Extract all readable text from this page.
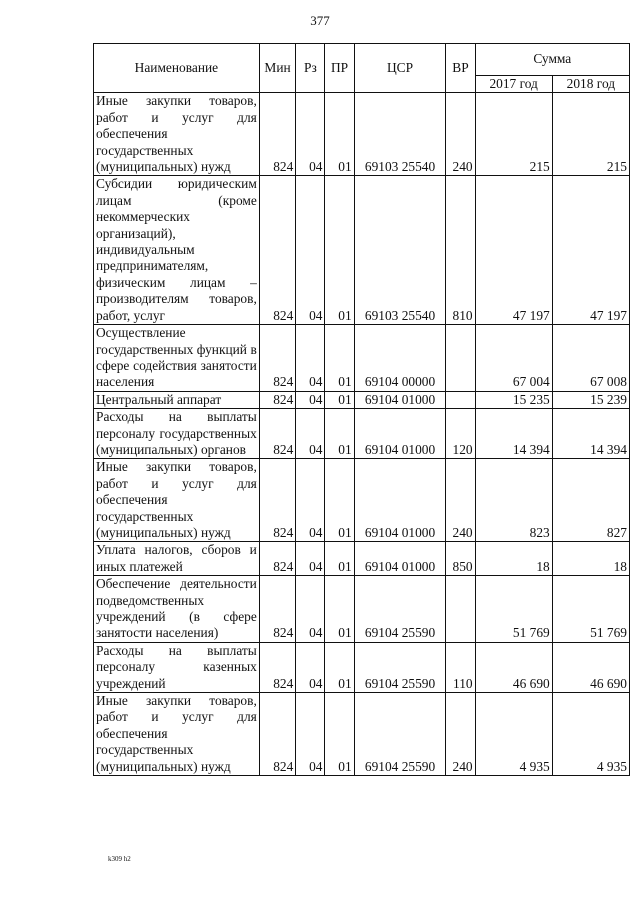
377
Наименование	Мин	Рз	ПР	ЦСР	ВР	Сумма	
						2017 год	2018 год
Иные закупки товаров, работ и услуг для обеспечения государственных (муниципальных) нужд	824	04	01	69103 25540	240	215	215
Субсидии юридическим лицам (кроме некоммерческих организаций), индивидуальным предпринимателям, физическим лицам – производителям товаров, работ, услуг	824	04	01	69103 25540	810	47 197	47 197
Осуществление государственных функций в сфере содействия занятости населения	824	04	01	69104 00000		67 004	67 008
Центральный аппарат	824	04	01	69104 01000		15 235	15 239
Расходы на выплаты персоналу государственных (муниципальных) органов	824	04	01	69104 01000	120	14 394	14 394
Иные закупки товаров, работ и услуг для обеспечения государственных (муниципальных) нужд	824	04	01	69104 01000	240	823	827
Уплата налогов, сборов и иных платежей	824	04	01	69104 01000	850	18	18
Обеспечение деятельности подведомственных учреждений (в сфере занятости населения)	824	04	01	69104 25590		51 769	51 769
Расходы на выплаты персоналу казенных учреждений	824	04	01	69104 25590	110	46 690	46 690
Иные закупки товаров, работ и услуг для обеспечения государственных (муниципальных) нужд	824	04	01	69104 25590	240	4 935	4 935
k309 h2
